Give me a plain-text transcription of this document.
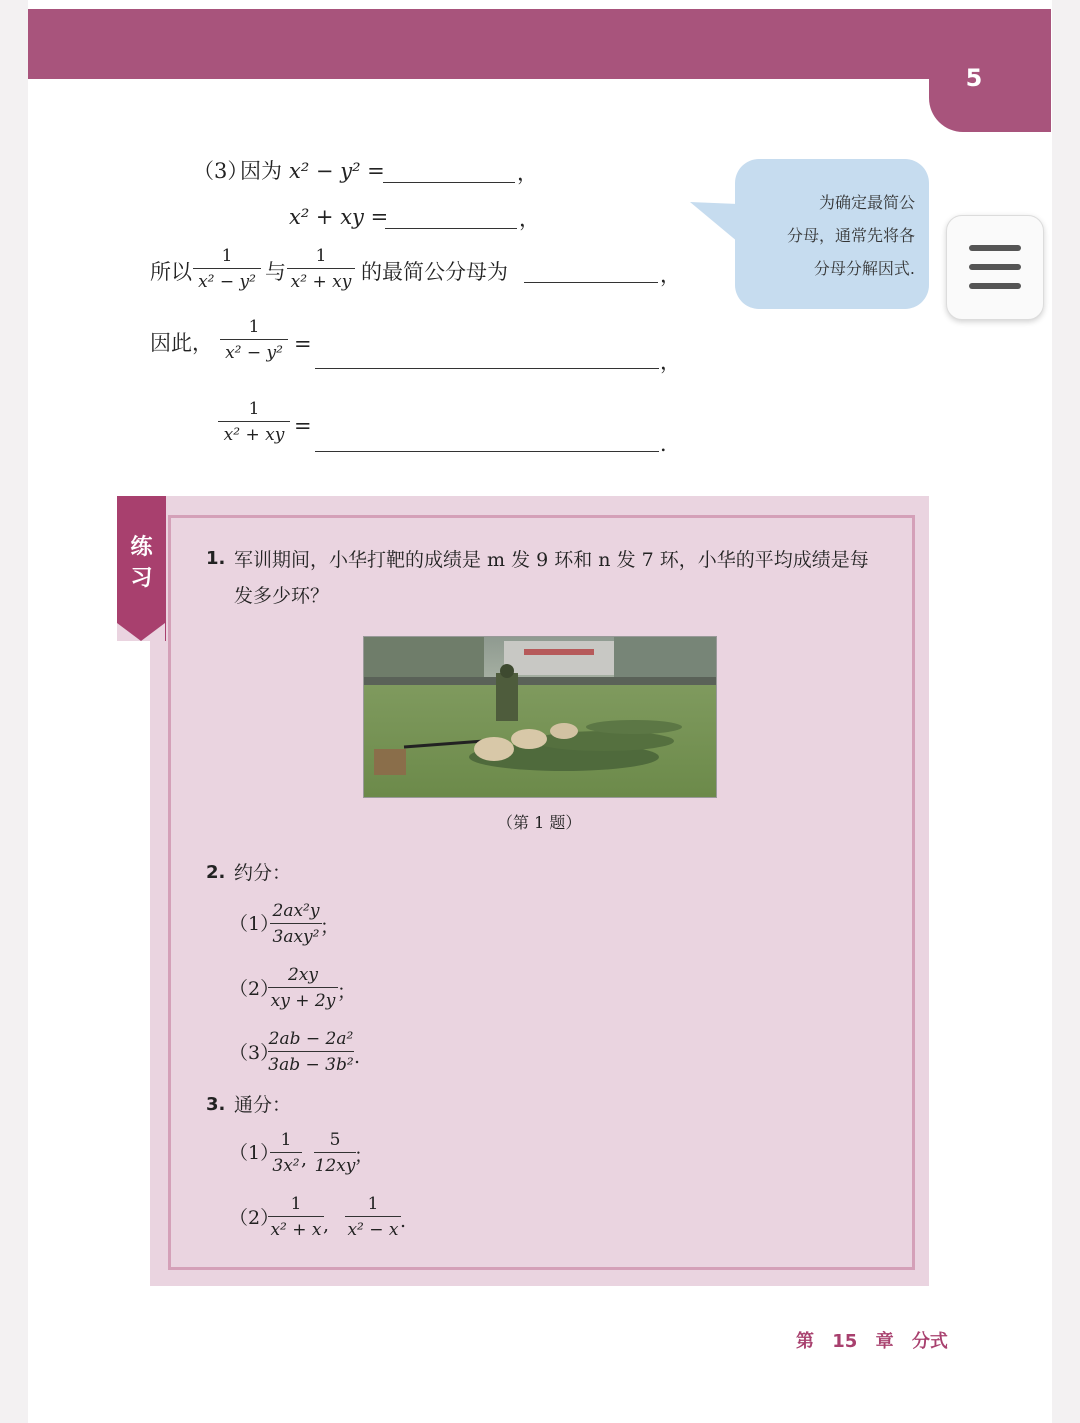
5
（3）
因为 x² − y² =	，
x² + xy =	，
所以
1
x² − y² 与
1
x² + xy 的最简公分母为	，
因此，
1
x² − y² =
，
1
x² + xy =
．
为确定最简公
分母，通常先将各
分母分解因式.
练
习
1. 军训期间，小华打靶的成绩是 m 发 9 环和 n 发 7 环，小华的平均成绩是每
发多少环？
（第 1 题）
2. 约分：
（1）
2ax²y
3axy² ；
（2）
2xy
xy + 2y ；
（3）
2ab − 2a²
3ab − 3b² .
3. 通分：
（1）
1
3x² ,
5
12xy
；
（2）
1
x² + x ,
1
x² − x .
第 15 章 分式
